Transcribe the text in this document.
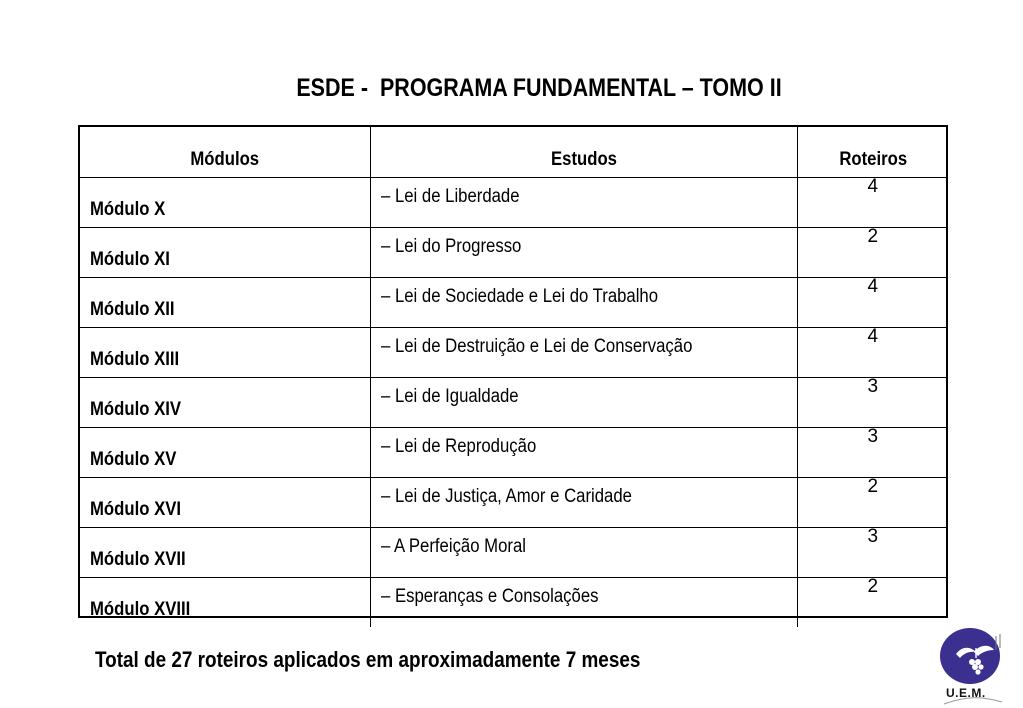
ESDE -  PROGRAMA FUNDAMENTAL – TOMO II
Módulos	Estudos	Roteiros

Módulo X	– Lei de Liberdade	4

Módulo XI	– Lei do Progresso	2

Módulo XII	– Lei de Sociedade e Lei do Trabalho	4

Módulo XIII	– Lei de Destruição e Lei de Conservação	4

Módulo XIV	– Lei de Igualdade	3

Módulo XV	– Lei de Reprodução	3

Módulo XVI	– Lei de Justiça, Amor e Caridade	2

Módulo XVII	– A Perfeição Moral	3

Módulo XVIII	– Esperanças e Consolações	2
Total de 27 roteiros aplicados em aproximadamente 7 meses
U.E.M.
